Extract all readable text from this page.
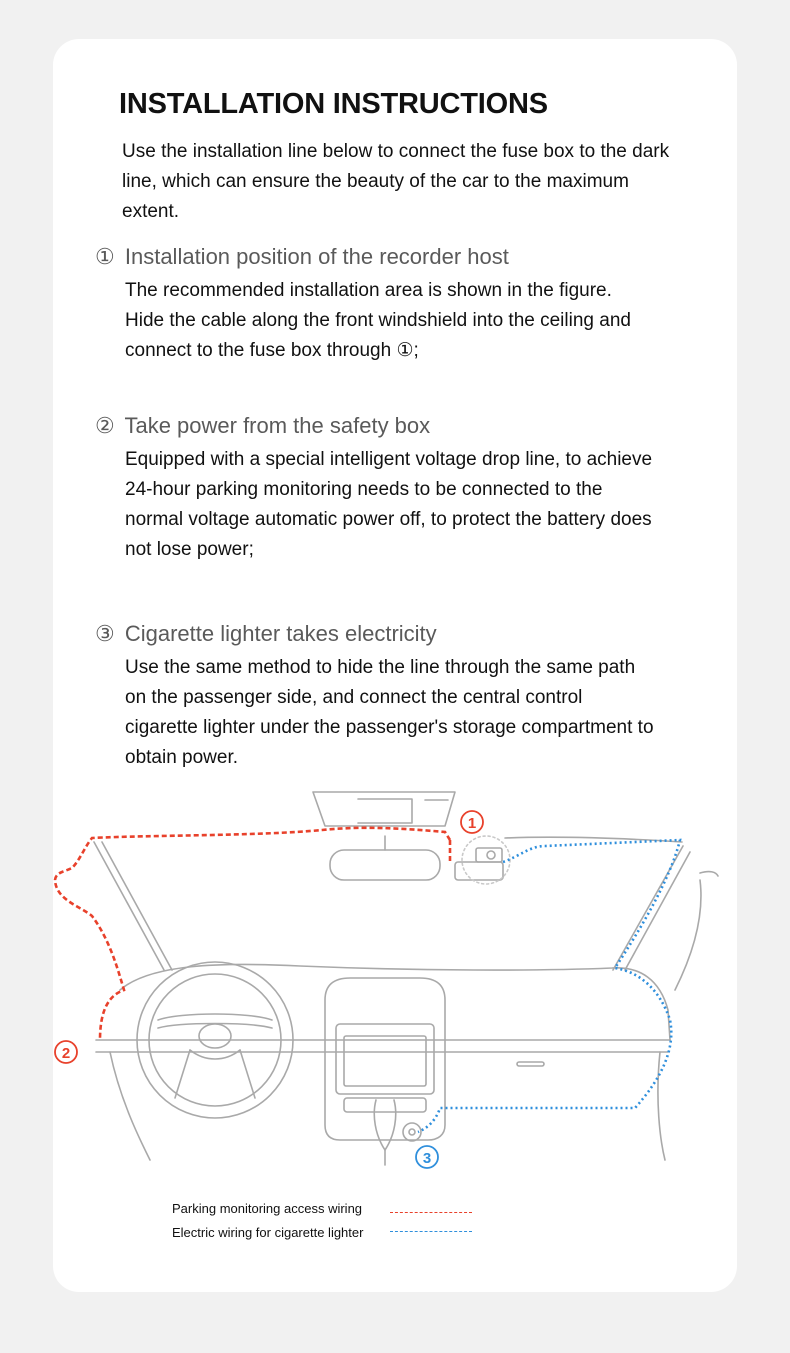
INSTALLATION INSTRUCTIONS
Use the installation line below to connect the fuse box to the dark
line, which can ensure the beauty of the car to the maximum
extent.
① Installation position of the recorder host
The recommended installation area is shown in the figure.
Hide the cable along the front windshield into the ceiling and
connect to the fuse box through ①;
② Take power from the safety box
Equipped with a special intelligent voltage drop line, to achieve
24-hour parking monitoring needs to be connected to the
normal voltage automatic power off, to protect the battery does
not lose power;
③ Cigarette lighter takes electricity
Use the same method to hide the line through the same path
on the passenger side, and connect the central control
cigarette lighter under the passenger's storage compartment to
obtain power.
1
2
3
Parking monitoring access wiring
Electric wiring for cigarette lighter
